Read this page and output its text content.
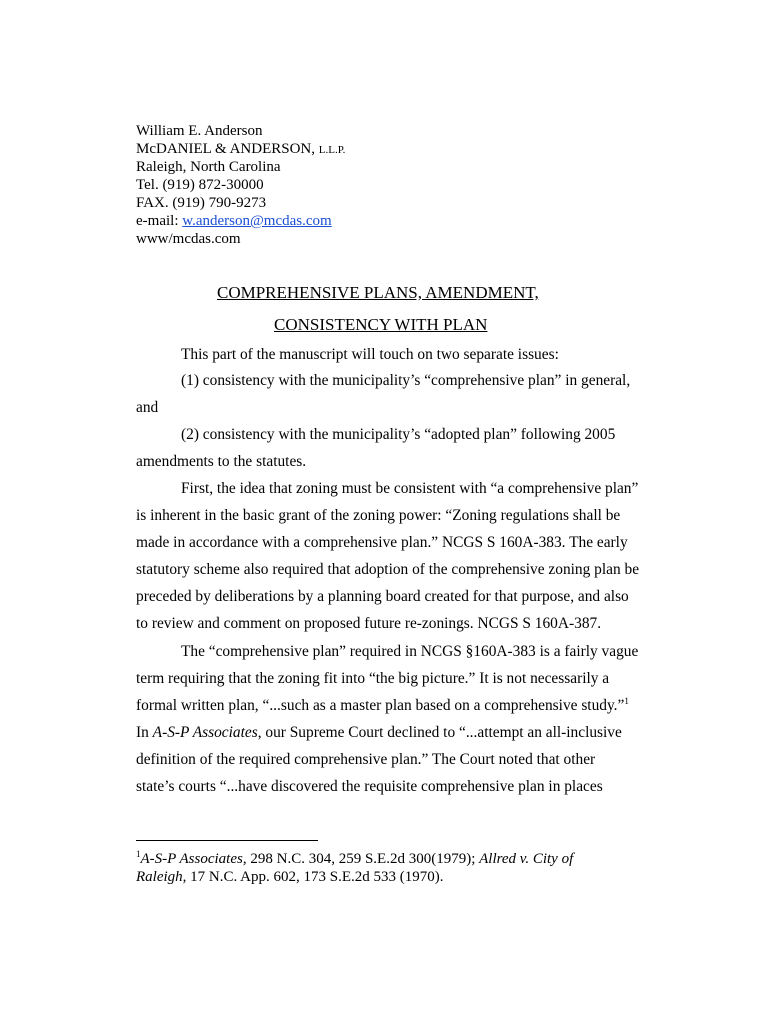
William E. Anderson
McDANIEL & ANDERSON, L.L.P.
Raleigh, North Carolina
Tel. (919) 872-30000
FAX. (919) 790-9273
e-mail: w.anderson@mcdas.com
www/mcdas.com
COMPREHENSIVE PLANS, AMENDMENT,
CONSISTENCY WITH PLAN
This part of the manuscript will touch on two separate issues:
(1) consistency with the municipality’s “comprehensive plan” in general,
and
(2) consistency with the municipality’s “adopted plan” following 2005
amendments to the statutes.
First, the idea that zoning must be consistent with “a comprehensive plan”
is inherent in the basic grant of the zoning power: “Zoning regulations shall be
made in accordance with a comprehensive plan.” NCGS S 160A-383. The early
statutory scheme also required that adoption of the comprehensive zoning plan be
preceded by deliberations by a planning board created for that purpose, and also
to review and comment on proposed future re-zonings. NCGS S 160A-387.
The “comprehensive plan” required in NCGS §160A-383 is a fairly vague
term requiring that the zoning fit into “the big picture.” It is not necessarily a
formal written plan, “...such as a master plan based on a comprehensive study.”$^1$
In A-S-P Associates, our Supreme Court declined to “...attempt an all-inclusive
definition of the required comprehensive plan.” The Court noted that other
state’s courts “...have discovered the requisite comprehensive plan in places
$^1$A-S-P Associates, 298 N.C. 304, 259 S.E.2d 300(1979); Allred v. City of
Raleigh, 17 N.C. App. 602, 173 S.E.2d 533 (1970).
